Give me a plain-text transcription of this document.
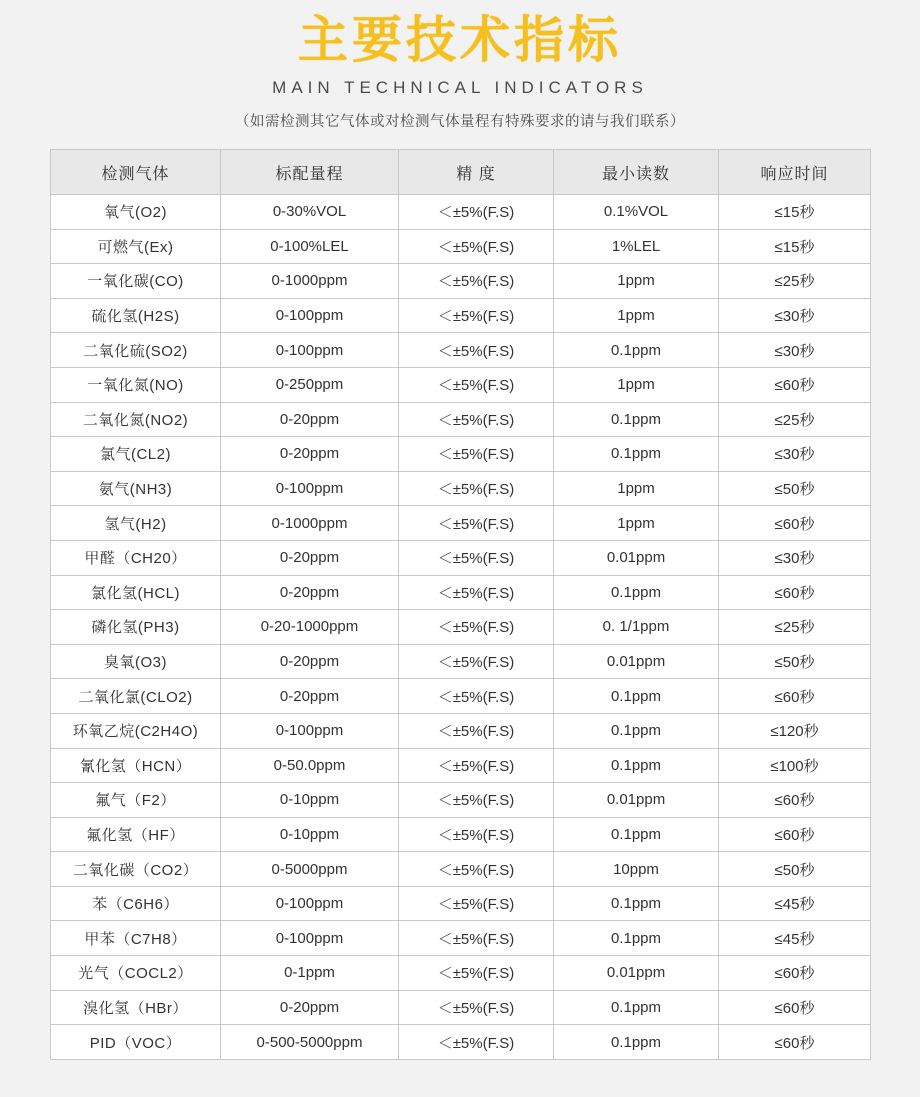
主要技术指标
MAIN TECHNICAL INDICATORS
（如需检测其它气体或对检测气体量程有特殊要求的请与我们联系）
检测气体	标配量程	精 度	最小读数	响应时间
氧气(O2)	0-30%VOL	＜±5%(F.S)	0.1%VOL	≤15秒
可燃气(Ex)	0-100%LEL	＜±5%(F.S)	1%LEL	≤15秒
一氧化碳(CO)	0-1000ppm	＜±5%(F.S)	1ppm	≤25秒
硫化氢(H2S)	0-100ppm	＜±5%(F.S)	1ppm	≤30秒
二氧化硫(SO2)	0-100ppm	＜±5%(F.S)	0.1ppm	≤30秒
一氧化氮(NO)	0-250ppm	＜±5%(F.S)	1ppm	≤60秒
二氧化氮(NO2)	0-20ppm	＜±5%(F.S)	0.1ppm	≤25秒
氯气(CL2)	0-20ppm	＜±5%(F.S)	0.1ppm	≤30秒
氨气(NH3)	0-100ppm	＜±5%(F.S)	1ppm	≤50秒
氢气(H2)	0-1000ppm	＜±5%(F.S)	1ppm	≤60秒
甲醛（CH20）	0-20ppm	＜±5%(F.S)	0.01ppm	≤30秒
氯化氢(HCL)	0-20ppm	＜±5%(F.S)	0.1ppm	≤60秒
磷化氢(PH3)	0-20-1000ppm	＜±5%(F.S)	0. 1/1ppm	≤25秒
臭氧(O3)	0-20ppm	＜±5%(F.S)	0.01ppm	≤50秒
二氧化氯(CLO2)	0-20ppm	＜±5%(F.S)	0.1ppm	≤60秒
环氧乙烷(C2H4O)	0-100ppm	＜±5%(F.S)	0.1ppm	≤120秒
氰化氢（HCN）	0-50.0ppm	＜±5%(F.S)	0.1ppm	≤100秒
氟气（F2）	0-10ppm	＜±5%(F.S)	0.01ppm	≤60秒
氟化氢（HF）	0-10ppm	＜±5%(F.S)	0.1ppm	≤60秒
二氧化碳（CO2）	0-5000ppm	＜±5%(F.S)	10ppm	≤50秒
苯（C6H6）	0-100ppm	＜±5%(F.S)	0.1ppm	≤45秒
甲苯（C7H8）	0-100ppm	＜±5%(F.S)	0.1ppm	≤45秒
光气（COCL2）	0-1ppm	＜±5%(F.S)	0.01ppm	≤60秒
溴化氢（HBr）	0-20ppm	＜±5%(F.S)	0.1ppm	≤60秒
PID（VOC）	0-500-5000ppm	＜±5%(F.S)	0.1ppm	≤60秒
